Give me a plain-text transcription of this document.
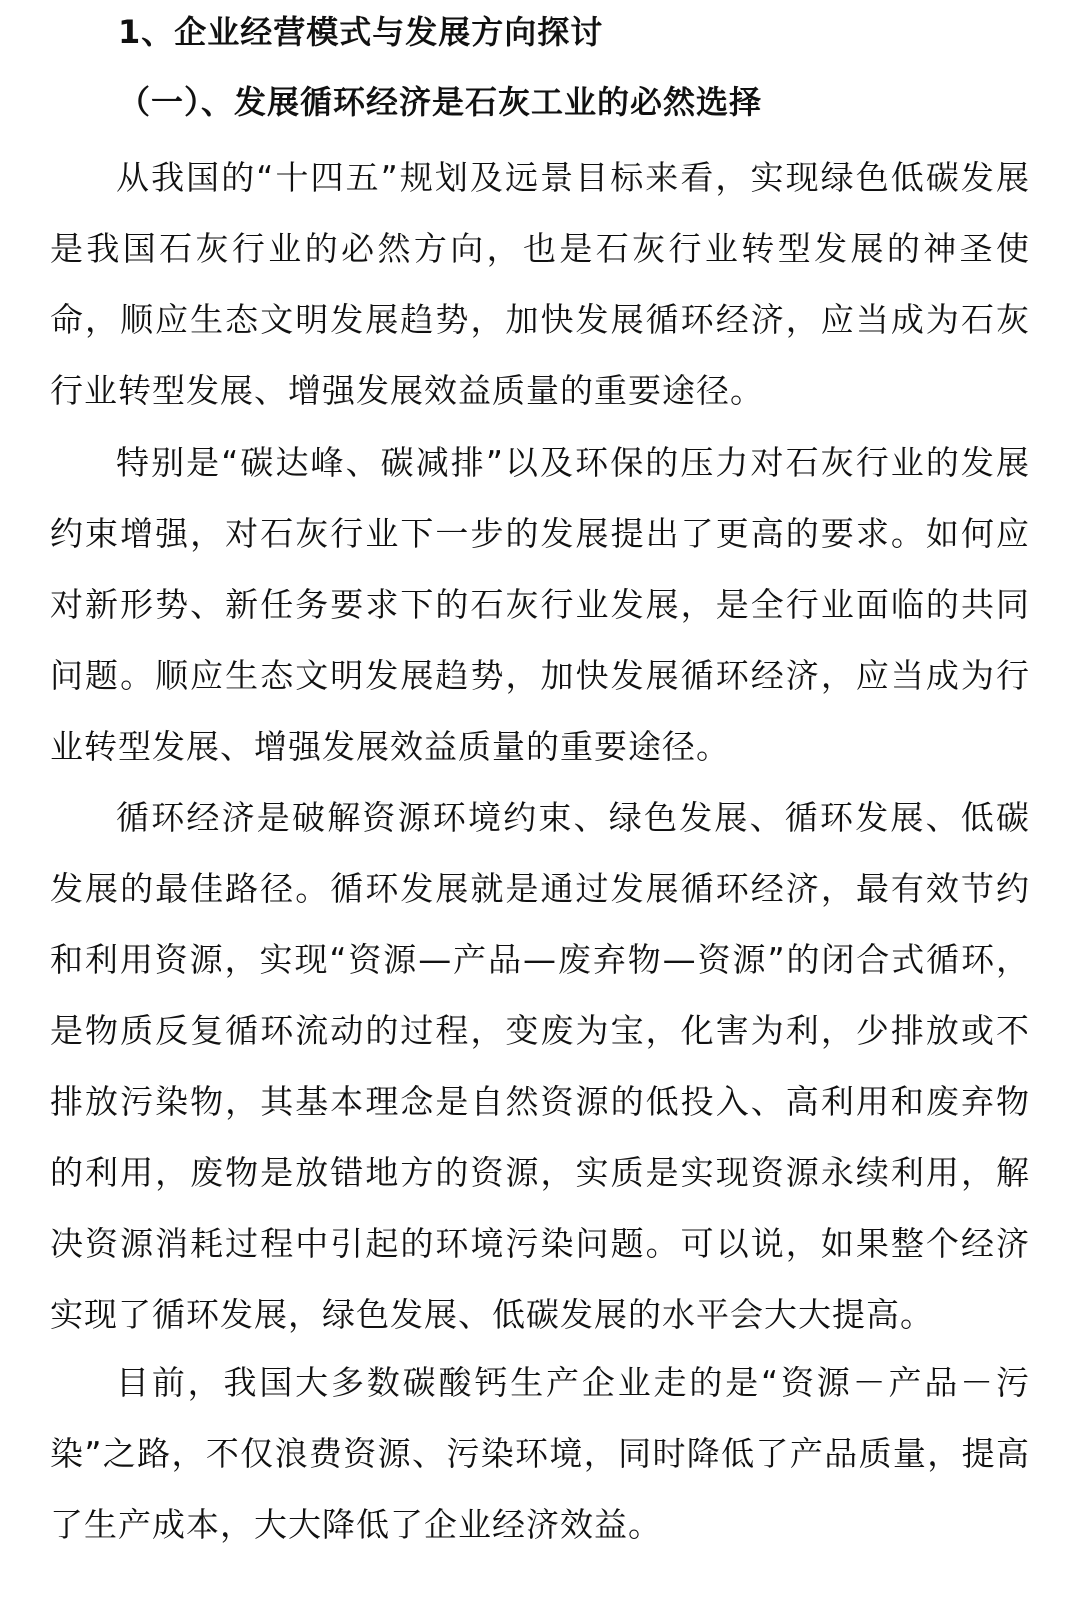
1、企业经营模式与发展方向探讨
（一）、发展循环经济是石灰工业的必然选择
从我国的“十四五”规划及远景目标来看，实现绿色低碳发展是我国石灰行业的必然方向，也是石灰行业转型发展的神圣使命，顺应生态文明发展趋势，加快发展循环经济，应当成为石灰行业转型发展、增强发展效益质量的重要途径。
特别是“碳达峰、碳减排”以及环保的压力对石灰行业的发展约束增强，对石灰行业下一步的发展提出了更高的要求。如何应对新形势、新任务要求下的石灰行业发展，是全行业面临的共同问题。顺应生态文明发展趋势，加快发展循环经济，应当成为行业转型发展、增强发展效益质量的重要途径。
循环经济是破解资源环境约束、绿色发展、循环发展、低碳发展的最佳路径。循环发展就是通过发展循环经济，最有效节约和利用资源，实现“资源—产品—废弃物—资源”的闭合式循环，是物质反复循环流动的过程，变废为宝，化害为利，少排放或不排放污染物，其基本理念是自然资源的低投入、高利用和废弃物的利用，废物是放错地方的资源，实质是实现资源永续利用，解决资源消耗过程中引起的环境污染问题。可以说，如果整个经济实现了循环发展，绿色发展、低碳发展的水平会大大提高。
目前，我国大多数碳酸钙生产企业走的是“资源－产品－污染”之路，不仅浪费资源、污染环境，同时降低了产品质量，提高了生产成本，大大降低了企业经济效益。
